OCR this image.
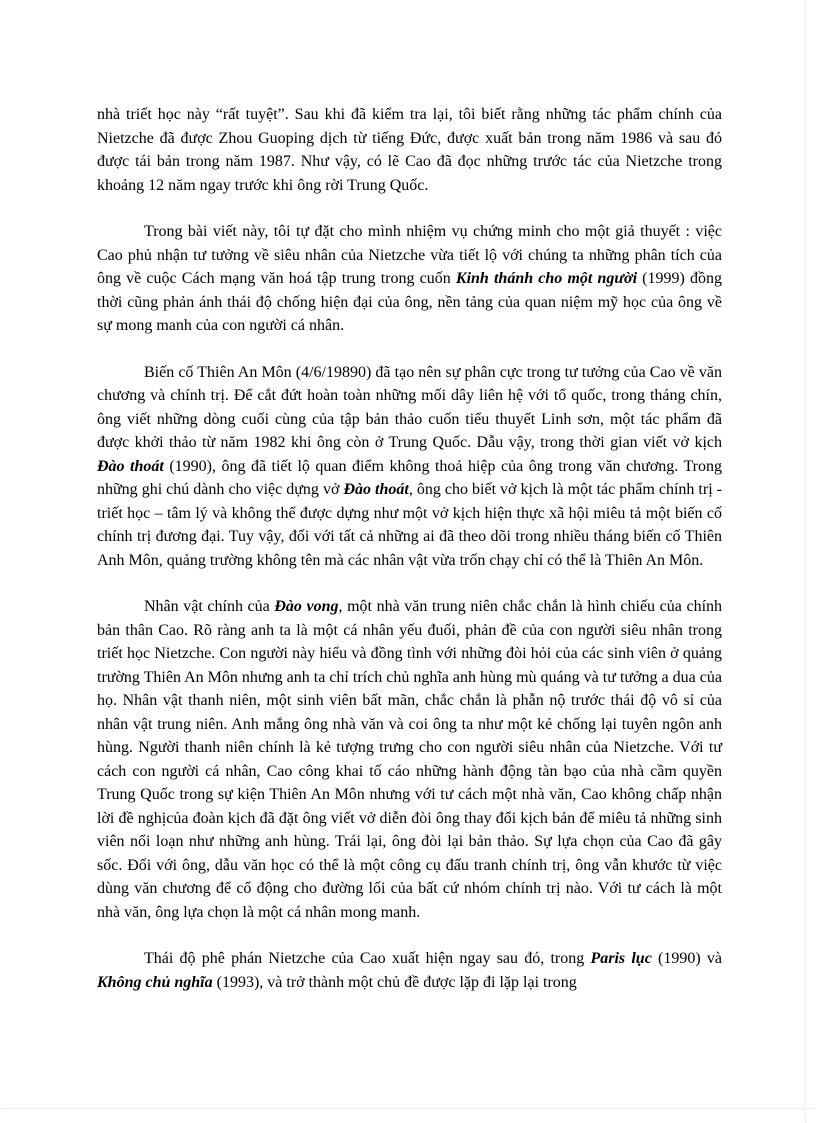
nhà triết học này “rất tuyệt”. Sau khi đã kiểm tra lại, tôi biết rằng những tác phẩm chính của Nietzche đã được Zhou Guoping dịch từ tiếng Đức, được xuất bản trong năm 1986 và sau đó được tái bản trong năm 1987. Như vậy, có lẽ Cao đã đọc những trước tác của Nietzche trong khoảng 12 năm ngay trước khi ông rời Trung Quốc.

Trong bài viết này, tôi tự đặt cho mình nhiệm vụ chứng minh cho một giả thuyết : việc Cao phủ nhận tư tưởng về siêu nhân của Nietzche vừa tiết lộ với chúng ta những phân tích của ông về cuộc Cách mạng văn hoá tập trung trong cuốn Kinh thánh cho một người (1999) đồng thời cũng phản ánh thái độ chống hiện đại của ông, nền tảng của quan niệm mỹ học của ông về sự mong manh của con người cá nhân.

Biến cố Thiên An Môn (4/6/19890) đã tạo nên sự phân cực trong tư tưởng của Cao về văn chương và chính trị. Để cắt đứt hoàn toàn những mối dây liên hệ với tổ quốc, trong tháng chín, ông viết những dòng cuối cùng của tập bản thảo cuốn tiểu thuyết Linh sơn, một tác phẩm đã được khởi thảo từ năm 1982 khi ông còn ở Trung Quốc. Dẫu vậy, trong thời gian viết vở kịch Đào thoát (1990), ông đã tiết lộ quan điểm không thoả hiệp của ông trong văn chương. Trong những ghi chú dành cho việc dựng vở Đào thoát, ông cho biết vở kịch là một tác phẩm chính trị - triết học – tâm lý và không thể được dựng như một vở kịch hiện thực xã hội miêu tả một biến cố chính trị đương đại. Tuy vậy, đối với tất cả những ai đã theo dõi trong nhiều tháng biến cố Thiên Anh Môn, quảng trường không tên mà các nhân vật vừa trốn chạy chỉ có thể là Thiên An Môn.

Nhân vật chính của Đào vong, một nhà văn trung niên chắc chắn là hình chiếu của chính bản thân Cao. Rõ ràng anh ta là một cá nhân yếu đuối, phản đề của con người siêu nhân trong triết học Nietzche. Con người này hiểu và đồng tình với những đòi hỏi của các sinh viên ở quảng trường Thiên An Môn nhưng anh ta chỉ trích chủ nghĩa anh hùng mù quáng và tư tưởng a dua của họ. Nhân vật thanh niên, một sinh viên bất mãn, chắc chắn là phẫn nộ trước thái độ vô sỉ của nhân vật trung niên. Anh mắng ông nhà văn và coi ông ta như một kẻ chống lại tuyên ngôn anh hùng. Người thanh niên chính là kẻ tượng trưng cho con người siêu nhân của Nietzche. Với tư cách con người cá nhân, Cao công khai tố cáo những hành động tàn bạo của nhà cầm quyền Trung Quốc trong sự kiện Thiên An Môn nhưng với tư cách một nhà văn, Cao không chấp nhận lời đề nghịcủa đoàn kịch đã đặt ông viết vở diễn đòi ông thay đổi kịch bản để miêu tả những sinh viên nổi loạn như những anh hùng. Trái lại, ông đòi lại bản thảo. Sự lựa chọn của Cao đã gây sốc. Đối với ông, dẫu văn học có thể là một công cụ đấu tranh chính trị, ông vẫn khước từ việc dùng văn chương để cổ động cho đường lối của bất cứ nhóm chính trị nào. Với tư cách là một nhà văn, ông lựa chọn là một cá nhân mong manh.

Thái độ phê phán Nietzche của Cao xuất hiện ngay sau đó, trong Paris lục (1990) và Không chủ nghĩa (1993), và trở thành một chủ đề được lặp đi lặp lại trong
